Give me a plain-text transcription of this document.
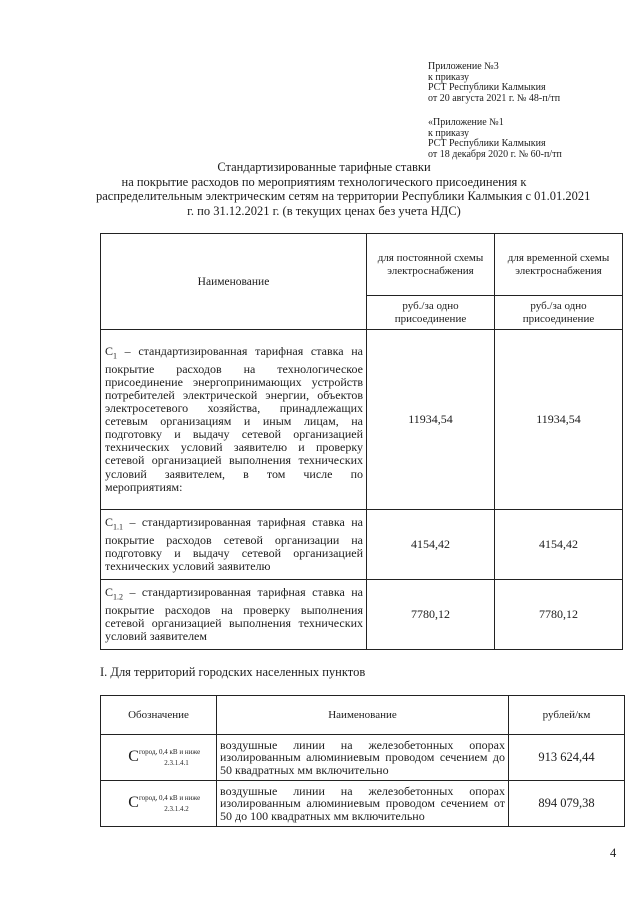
Приложение №3
к приказу
РСТ Республики Калмыкия
от 20 августа 2021 г. № 48-п/тп
«Приложение №1
к приказу
РСТ Республики Калмыкия
от 18 декабря 2020 г. № 60-п/тп
Стандартизированные тарифные ставки
на покрытие расходов по мероприятиям технологического присоединения к
распределительным электрическим сетям на территории Республики Калмыкия с 01.01.2021
г. по 31.12.2021 г. (в текущих ценах без учета НДС)
Наименование	для постоянной схемы электроснабжения	для временной схемы электроснабжения
	руб./за одно присоединение	руб./за одно присоединение
$C_1$ – стандартизированная тарифная ставка на покрытие расходов на технологическое присоединение энергопринимающих устройств потребителей электрической энергии, объектов электросетевого хозяйства, принадлежащих сетевым организациям и иным лицам, на подготовку и выдачу сетевой организацией технических условий заявителю и проверку сетевой организацией выполнения технических условий заявителем, в том числе по мероприятиям:	11934,54	11934,54
$C_{1.1}$ – стандартизированная тарифная ставка на покрытие расходов сетевой организации на подготовку и выдачу сетевой организацией технических условий заявителю	4154,42	4154,42
$C_{1.2}$ – стандартизированная тарифная ставка на покрытие расходов на проверку выполнения сетевой организацией выполнения технических условий заявителем	7780,12	7780,12
I. Для территорий городских населенных пунктов
Обозначение	Наименование	рублей/км
$C^{город, 0,4 кВ и ниже}_{2.3.1.4.1}$	воздушные линии на железобетонных опорах изолированным алюминиевым проводом сечением до 50 квадратных мм включительно	913 624,44
$C^{город, 0,4 кВ и ниже}_{2.3.1.4.2}$	воздушные линии на железобетонных опорах изолированным алюминиевым проводом сечением от 50 до 100 квадратных мм включительно	894 079,38
4
